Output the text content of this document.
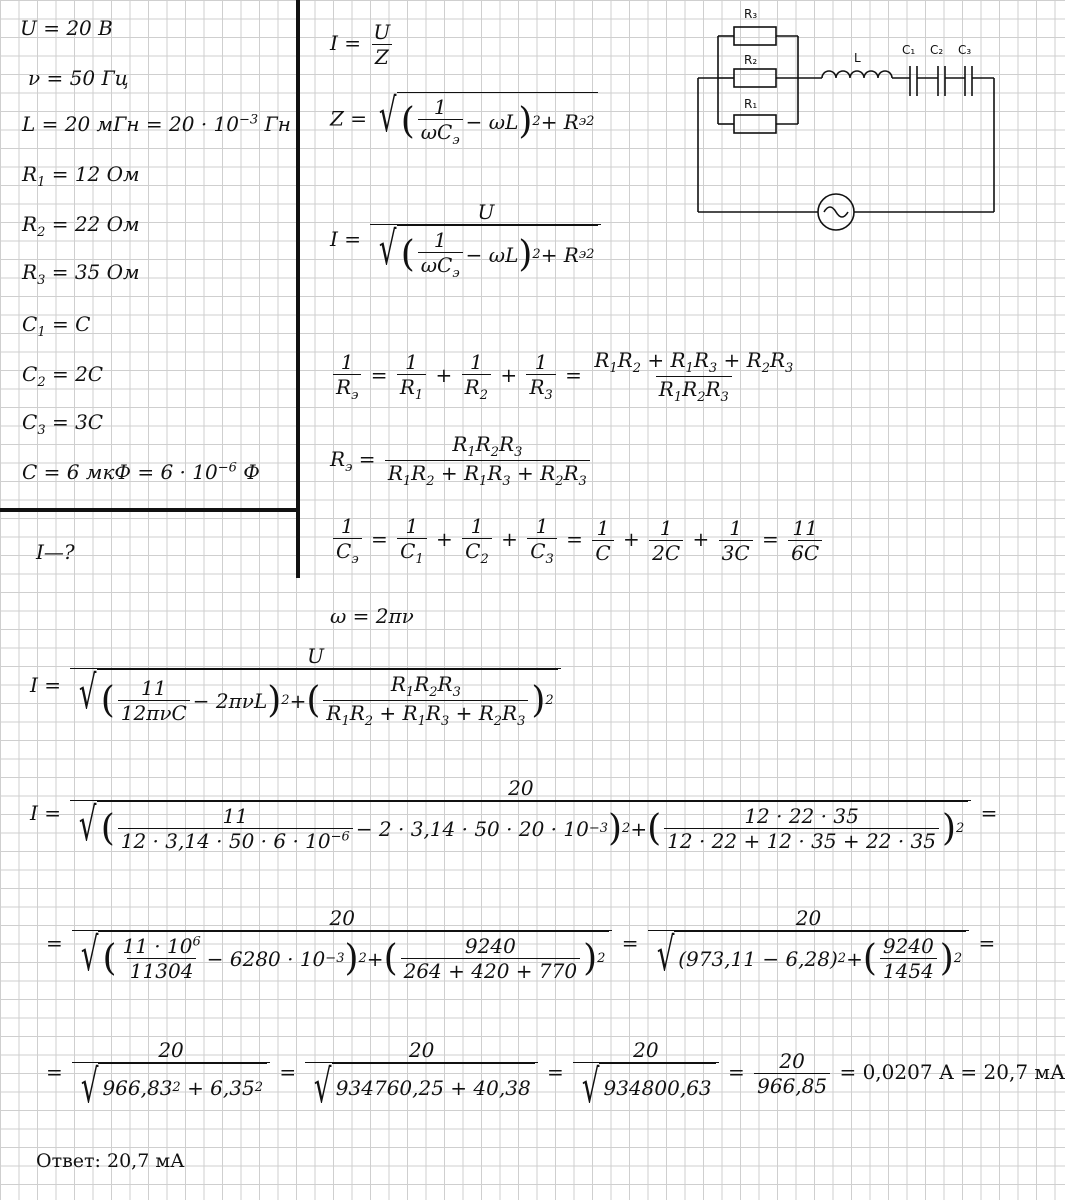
U = 20 В
ν = 50 Гц
L = 20 мГн = $20 \cdot 10^{-3}$ Гн
$R_1 = 12$ Ом
$R_2 = 22$ Ом
$R_3 = 35$ Ом
$C_1 = C$
$C_2 = 2C$
$C_3 = 3C$
C = 6 мкФ = $6 \cdot 10^{-6}$ Ф
I—?
R₃
R₂
R₁
L
C₁ C₂ C₃
$I = \frac{U}{Z}$
Z = √ ( $\frac{1}{\omega C_э} - \omega L$ ) 2 + R э 2
$I = \frac{U}{√ ( \frac{1}{\omega C_э} - \omega L ) 2 + R э 2}$
$\frac{1}{R_э} = \frac{1}{R_1} + \frac{1}{R_2} + \frac{1}{R_3} = \frac{R_1R_2 + R_1R_3 + R_2R_3}{R_1R_2R_3}$
$R_э = \frac{R_1R_2R_3}{R_1R_2 + R_1R_3 + R_2R_3}$
$\frac{1}{C_э} = \frac{1}{C_1} + \frac{1}{C_2} + \frac{1}{C_3} = \frac{1}{C} + \frac{1}{2C} + \frac{1}{3C} = \frac{11}{6C}$
ω = 2πν
I =
U
√ ( $\frac{11}{\text{12πνC}} - 2\pi\nu L$ ) 2 + ( $\frac{R_1R_2R_3}{R_1R_2 + R_1R_3 + R_2R_3}$ ) 2
I =
20
√ ( $\frac{11}{12 \cdot 3,14 \cdot 50 \cdot 6 \cdot 10^{-6}} - 2 \cdot 3,14 \cdot 50 \cdot 20 \cdot 10 -3$ ) 2 + ( $\frac{12 \cdot 22 \cdot 35}{12 \cdot 22 + 12 \cdot 35 + 22 \cdot 35}$ ) 2
=
=
20
√ ( $\frac{11 \cdot 10^6}{11304} - 6280 \cdot 10 -3$ ) 2 + ( $\frac{9240}{264 + 420 + 770}$ ) 2
= $\frac{20}{√ (973,11 - 6,28) 2 + ( \frac{9240}{1454} ) 2}$ =
= 20
√ 966,83 2
+ 6,35 $2 = \frac{20}{√ 934760,25 + 40,38} = \frac{20}{√ 934800,63} = \frac{20}{966,85} = 0,0207$ А = 20,7 мА
Ответ: 20,7 мА
